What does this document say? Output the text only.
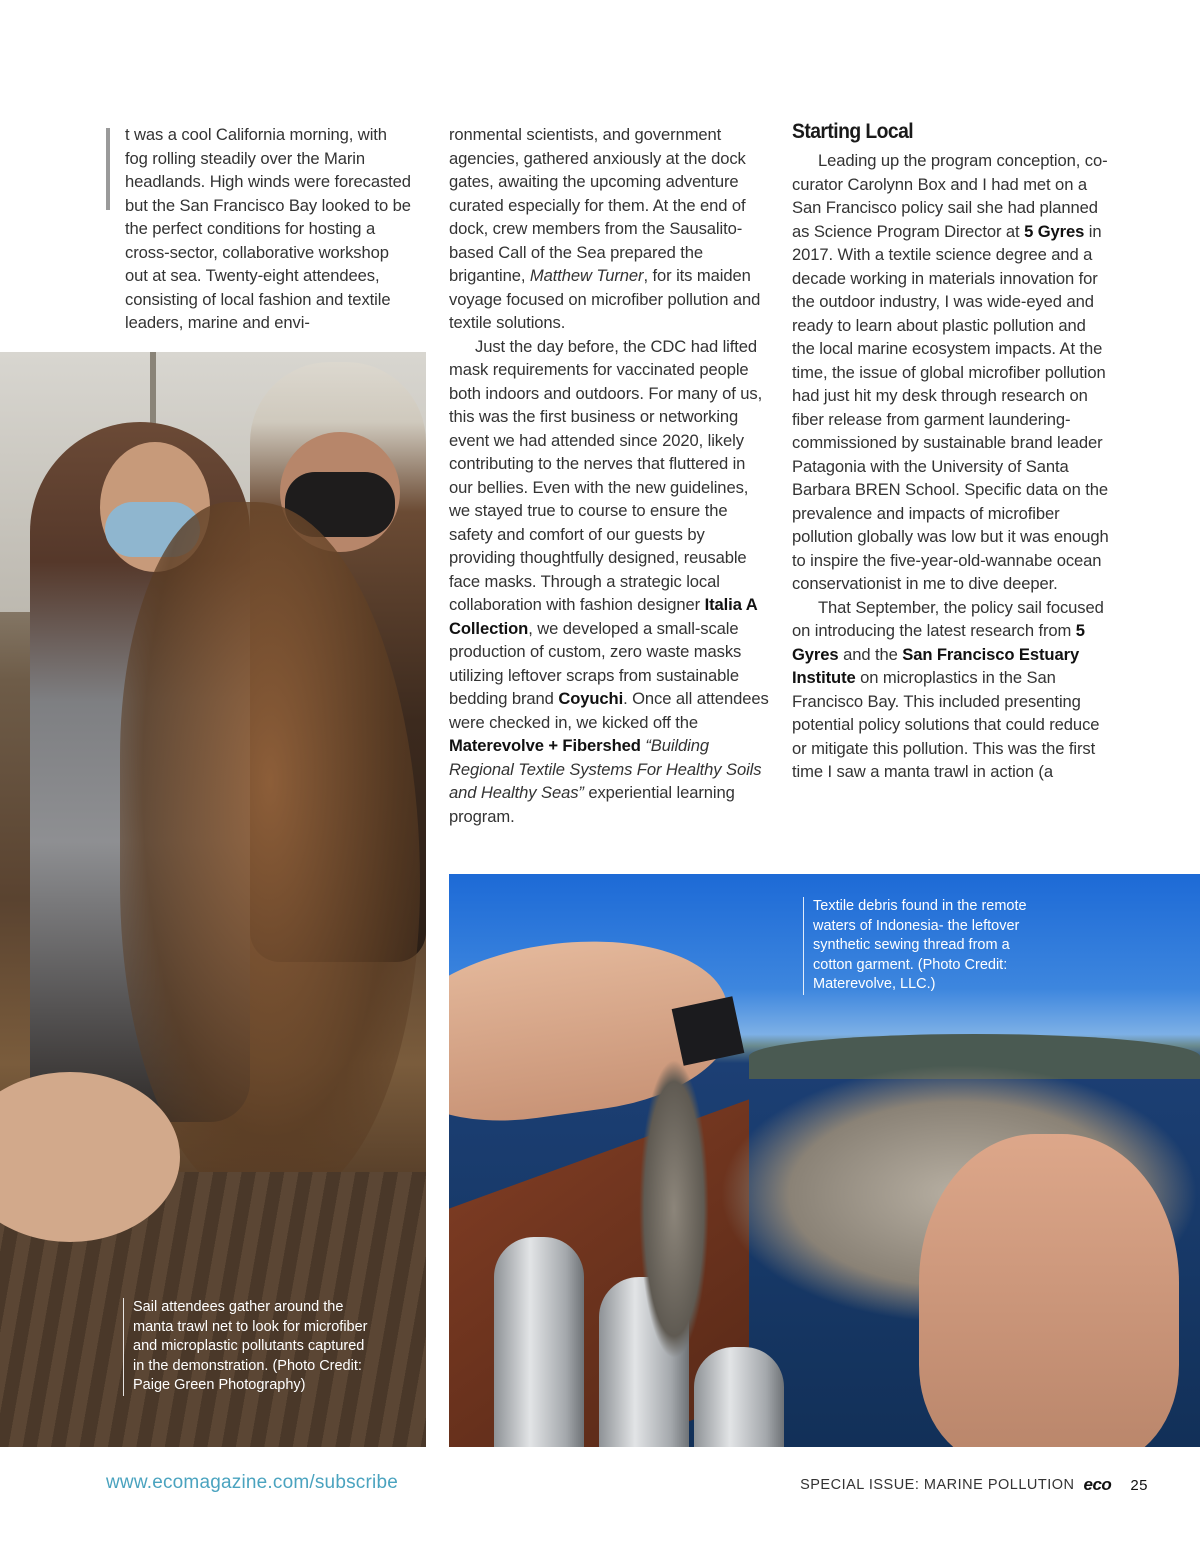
t was a cool California morning, with fog rolling steadily over the Marin headlands. High winds were forecasted but the San Francisco Bay looked to be the perfect conditions for hosting a cross-sector, collaborative workshop out at sea. Twenty-eight attendees, consisting of local fashion and textile leaders, marine and envi-

ronmental scientists, and government agencies, gathered anxiously at the dock gates, awaiting the upcoming adventure curated especially for them. At the end of dock, crew members from the Sausalito-based Call of the Sea prepared the brigantine, Matthew Turner, for its maiden voyage focused on microfiber pollution and textile solutions.

Just the day before, the CDC had lifted mask requirements for vaccinated people both indoors and outdoors. For many of us, this was the first business or networking event we had attended since 2020, likely contributing to the nerves that fluttered in our bellies. Even with the new guidelines, we stayed true to course to ensure the safety and comfort of our guests by providing thoughtfully designed, reusable face masks. Through a strategic local collaboration with fashion designer Italia A Collection, we developed a small-scale production of custom, zero waste masks utilizing leftover scraps from sustainable bedding brand Coyuchi. Once all attendees were checked in, we kicked off the Materevolve + Fibershed “Building Regional Textile Systems For Healthy Soils and Healthy Seas” experiential learning program.

Starting Local

Leading up the program conception, co-curator Carolynn Box and I had met on a San Francisco policy sail she had planned as Science Program Director at 5 Gyres in 2017. With a textile science degree and a decade working in materials innovation for the outdoor industry, I was wide-eyed and ready to learn about plastic pollution and the local marine ecosystem impacts. At the time, the issue of global microfiber pollution had just hit my desk through research on fiber release from garment laundering- commissioned by sustainable brand leader Patagonia with the University of Santa Barbara BREN School. Specific data on the prevalence and impacts of microfiber pollution globally was low but it was enough to inspire the five-year-old-wannabe ocean conservationist in me to dive deeper.

That September, the policy sail focused on introducing the latest research from 5 Gyres and the San Francisco Estuary Institute on microplastics in the San Francisco Bay. This included presenting potential policy solutions that could reduce or mitigate this pollution. This was the first time I saw a manta trawl in action (a

Sail attendees gather around the manta trawl net to look for microfiber and microplastic pollutants captured in the demonstration. (Photo Credit: Paige Green Photography)
Textile debris found in the remote waters of Indonesia- the leftover synthetic sewing thread from a cotton garment. (Photo Credit: Materevolve, LLC.)
www.ecomagazine.com/subscribe	SPECIAL ISSUE: MARINE POLLUTION eco 25
